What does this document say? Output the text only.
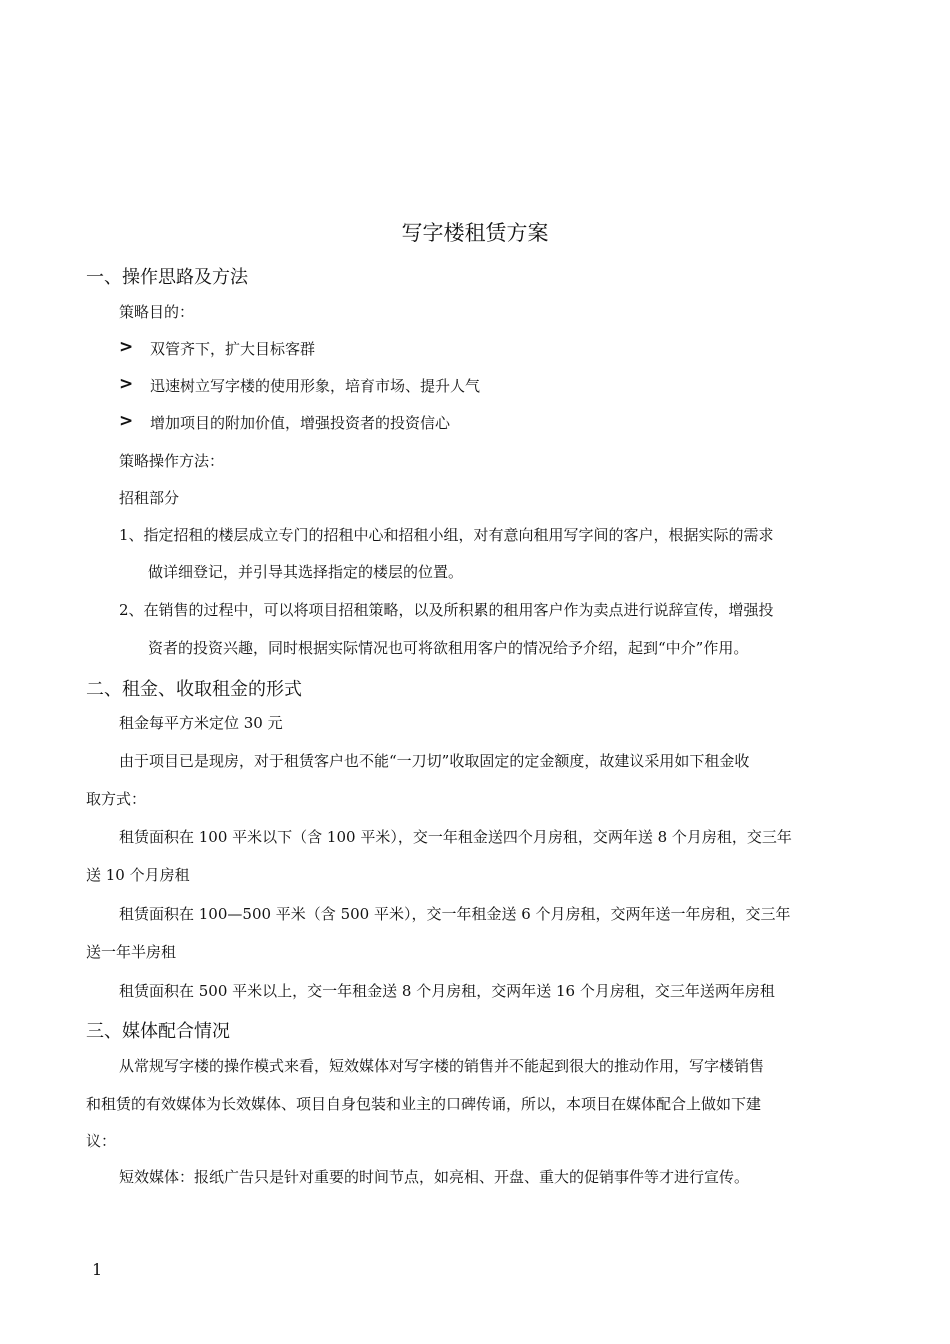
写字楼租赁方案
一、操作思路及方法
策略目的：
> 双管齐下，扩大目标客群
> 迅速树立写字楼的使用形象，培育市场、提升人气
> 增加项目的附加价值，增强投资者的投资信心
策略操作方法：
招租部分
1、指定招租的楼层成立专门的招租中心和招租小组，对有意向租用写字间的客户，根据实际的需求
做详细登记，并引导其选择指定的楼层的位置。
2、在销售的过程中，可以将项目招租策略，以及所积累的租用客户作为卖点进行说辞宣传，增强投
资者的投资兴趣，同时根据实际情况也可将欲租用客户的情况给予介绍，起到“中介”作用。
二、租金、收取租金的形式
租金每平方米定位 30 元
由于项目已是现房，对于租赁客户也不能“一刀切”收取固定的定金额度，故建议采用如下租金收
取方式：
租赁面积在 100 平米以下（含 100 平米），交一年租金送四个月房租，交两年送 8 个月房租，交三年
送 10 个月房租
租赁面积在 100—500 平米（含 500 平米），交一年租金送 6 个月房租，交两年送一年房租，交三年
送一年半房租
租赁面积在 500 平米以上，交一年租金送 8 个月房租，交两年送 16 个月房租，交三年送两年房租
三、媒体配合情况
从常规写字楼的操作模式来看，短效媒体对写字楼的销售并不能起到很大的推动作用，写字楼销售
和租赁的有效媒体为长效媒体、项目自身包装和业主的口碑传诵，所以，本项目在媒体配合上做如下建
议：
短效媒体：报纸广告只是针对重要的时间节点，如亮相、开盘、重大的促销事件等才进行宣传。
1
